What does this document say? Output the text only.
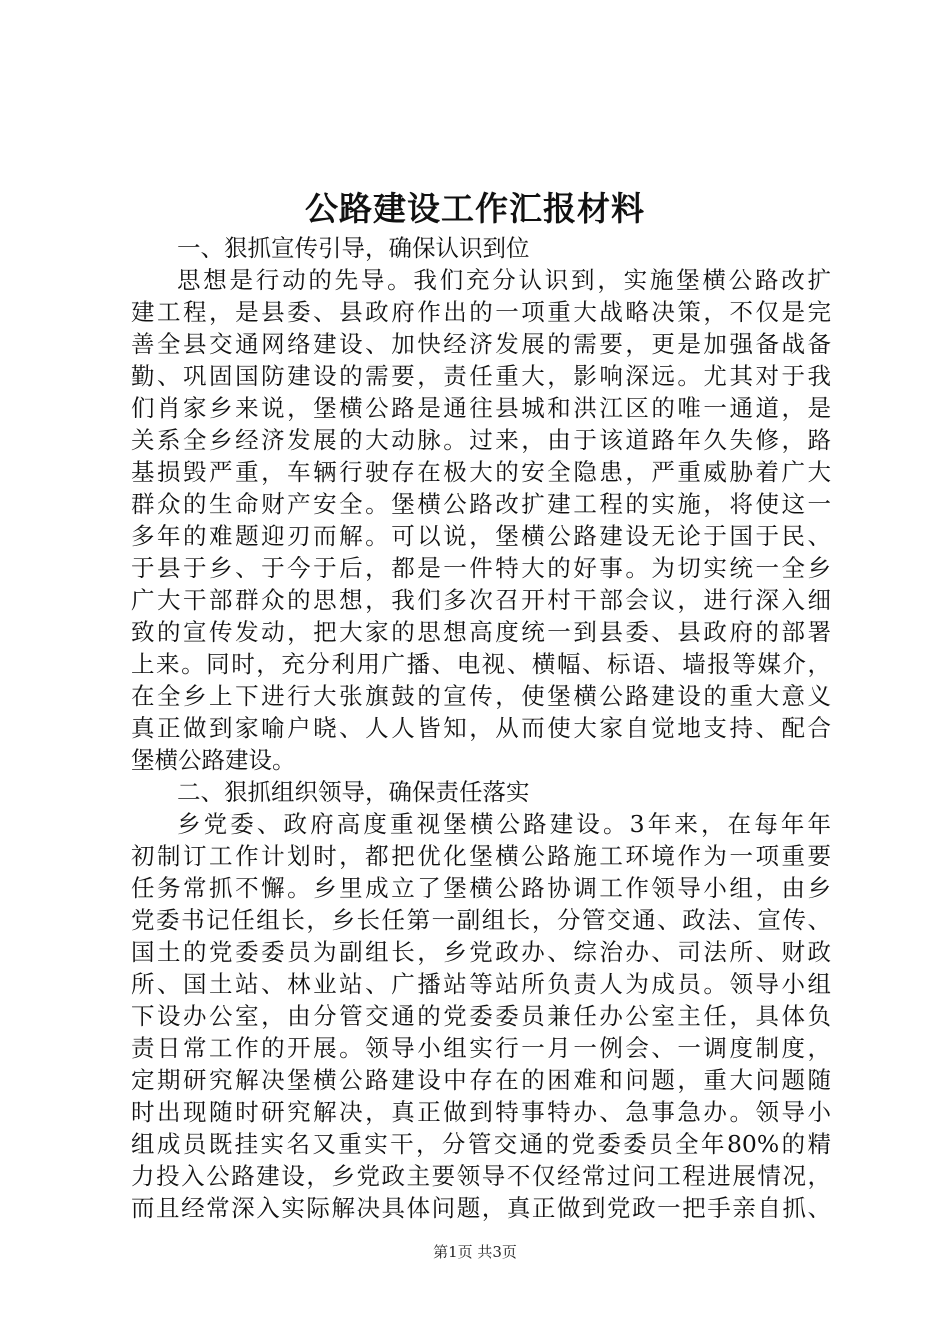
公路建设工作汇报材料
一、狠抓宣传引导，确保认识到位
思想是行动的先导。我们充分认识到，实施堡横公路改扩
建工程，是县委、县政府作出的一项重大战略决策，不仅是完
善全县交通网络建设、加快经济发展的需要，更是加强备战备
勤、巩固国防建设的需要，责任重大，影响深远。尤其对于我
们肖家乡来说，堡横公路是通往县城和洪江区的唯一通道，是
关系全乡经济发展的大动脉。过来，由于该道路年久失修，路
基损毁严重，车辆行驶存在极大的安全隐患，严重威胁着广大
群众的生命财产安全。堡横公路改扩建工程的实施，将使这一
多年的难题迎刃而解。可以说，堡横公路建设无论于国于民、
于县于乡、于今于后，都是一件特大的好事。为切实统一全乡
广大干部群众的思想，我们多次召开村干部会议，进行深入细
致的宣传发动，把大家的思想高度统一到县委、县政府的部署
上来。同时，充分利用广播、电视、横幅、标语、墙报等媒介，
在全乡上下进行大张旗鼓的宣传，使堡横公路建设的重大意义
真正做到家喻户晓、人人皆知，从而使大家自觉地支持、配合
堡横公路建设。
二、狠抓组织领导，确保责任落实
乡党委、政府高度重视堡横公路建设。3年来，在每年年
初制订工作计划时，都把优化堡横公路施工环境作为一项重要
任务常抓不懈。乡里成立了堡横公路协调工作领导小组，由乡
党委书记任组长，乡长任第一副组长，分管交通、政法、宣传、
国土的党委委员为副组长，乡党政办、综治办、司法所、财政
所、国土站、林业站、广播站等站所负责人为成员。领导小组
下设办公室，由分管交通的党委委员兼任办公室主任，具体负
责日常工作的开展。领导小组实行一月一例会、一调度制度，
定期研究解决堡横公路建设中存在的困难和问题，重大问题随
时出现随时研究解决，真正做到特事特办、急事急办。领导小
组成员既挂实名又重实干，分管交通的党委委员全年80%的精
力投入公路建设，乡党政主要领导不仅经常过问工程进展情况，
而且经常深入实际解决具体问题，真正做到党政一把手亲自抓、
第1页 共3页
